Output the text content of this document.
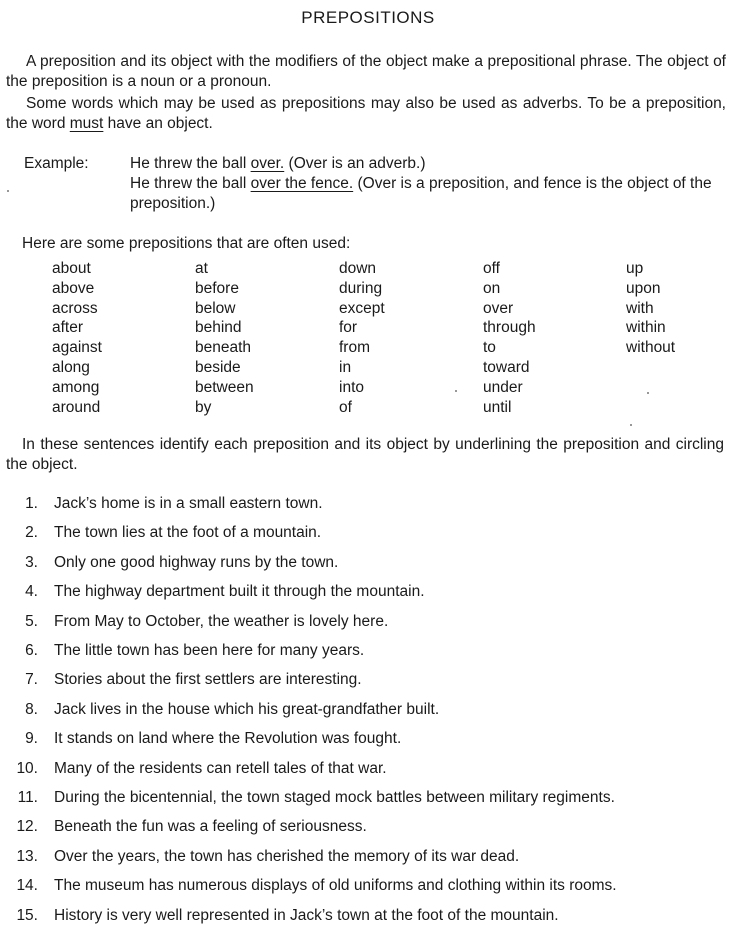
PREPOSITIONS
A preposition and its object with the modifiers of the object make a prepositional phrase. The object of the preposition is a noun or a pronoun.
Some words which may be used as prepositions may also be used as adverbs. To be a preposition, the word must have an object.
Example:	He threw the ball over. (Over is an adverb.)
He threw the ball over the fence. (Over is a preposition, and fence is the object of the preposition.)
Here are some prepositions that are often used:
about
above
across
after
against
along
among
around
at
before
below
behind
beneath
beside
between
by
down
during
except
for
from
in
into
of
off
on
over
through
to
toward
under
until
up
upon
with
within
without
In these sentences identify each preposition and its object by underlining the preposition and circling the object.
1. Jack’s home is in a small eastern town.
2. The town lies at the foot of a mountain.
3. Only one good highway runs by the town.
4. The highway department built it through the mountain.
5. From May to October, the weather is lovely here.
6. The little town has been here for many years.
7. Stories about the first settlers are interesting.
8. Jack lives in the house which his great-grandfather built.
9. It stands on land where the Revolution was fought.
10. Many of the residents can retell tales of that war.
11. During the bicentennial, the town staged mock battles between military regiments.
12. Beneath the fun was a feeling of seriousness.
13. Over the years, the town has cherished the memory of its war dead.
14. The museum has numerous displays of old uniforms and clothing within its rooms.
15. History is very well represented in Jack’s town at the foot of the mountain.
